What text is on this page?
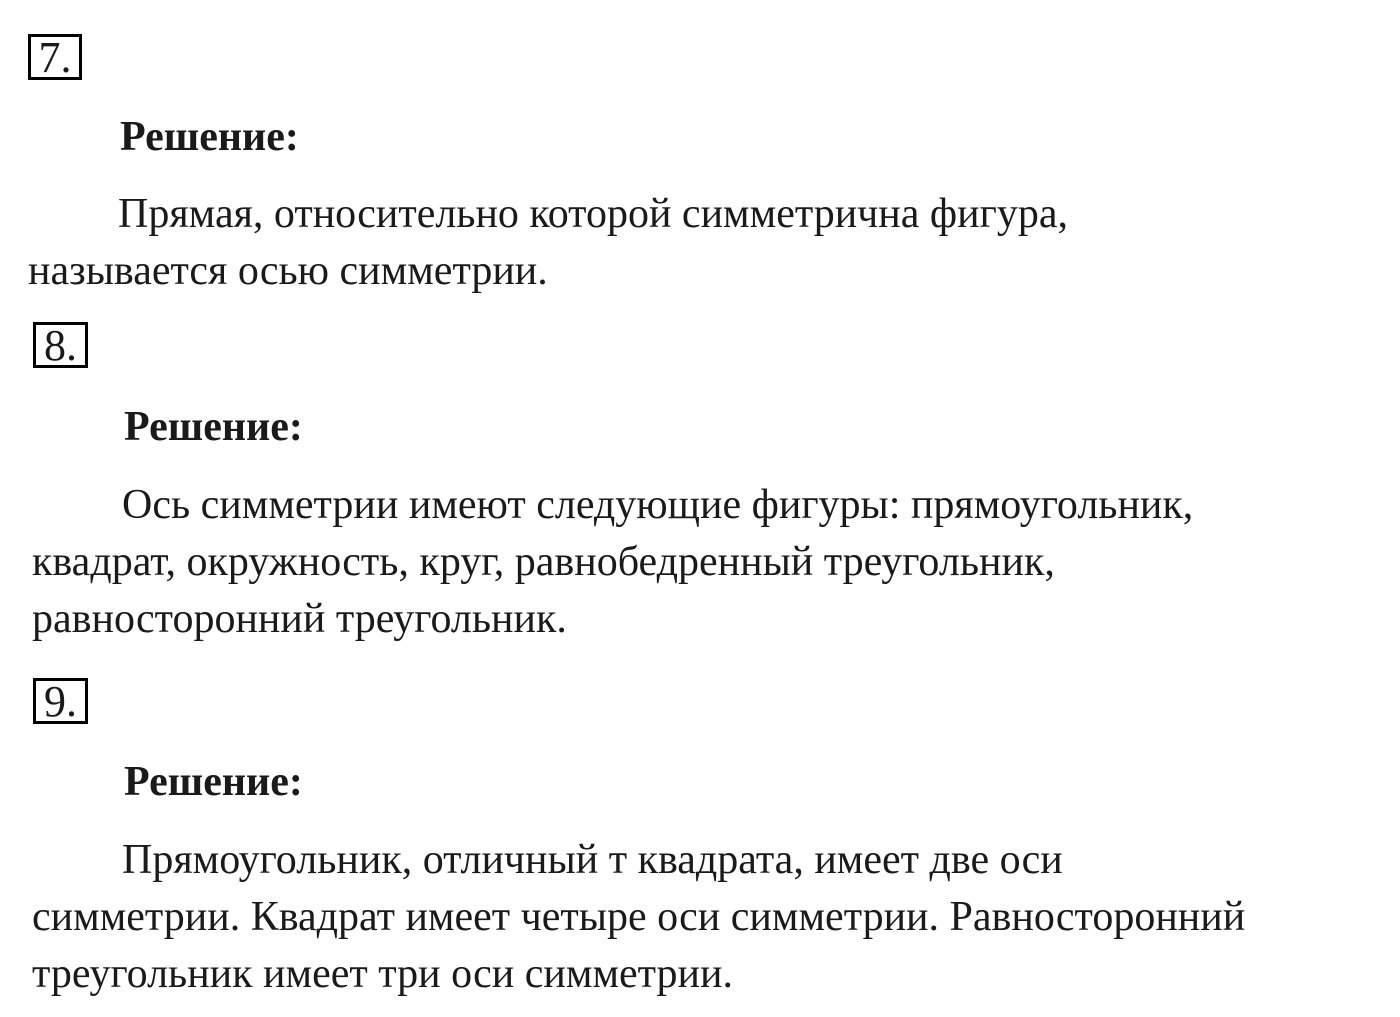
7.
Решение:
Прямая, относительно которой симметрична фигура,
называется осью симметрии.
8.
Решение:
Ось симметрии имеют следующие фигуры: прямоугольник,
квадрат, окружность, круг, равнобедренный треугольник,
равносторонний треугольник.
9.
Решение:
Прямоугольник, отличный т квадрата, имеет две оси
симметрии. Квадрат имеет четыре оси симметрии. Равносторонний
треугольник имеет три оси симметрии.
